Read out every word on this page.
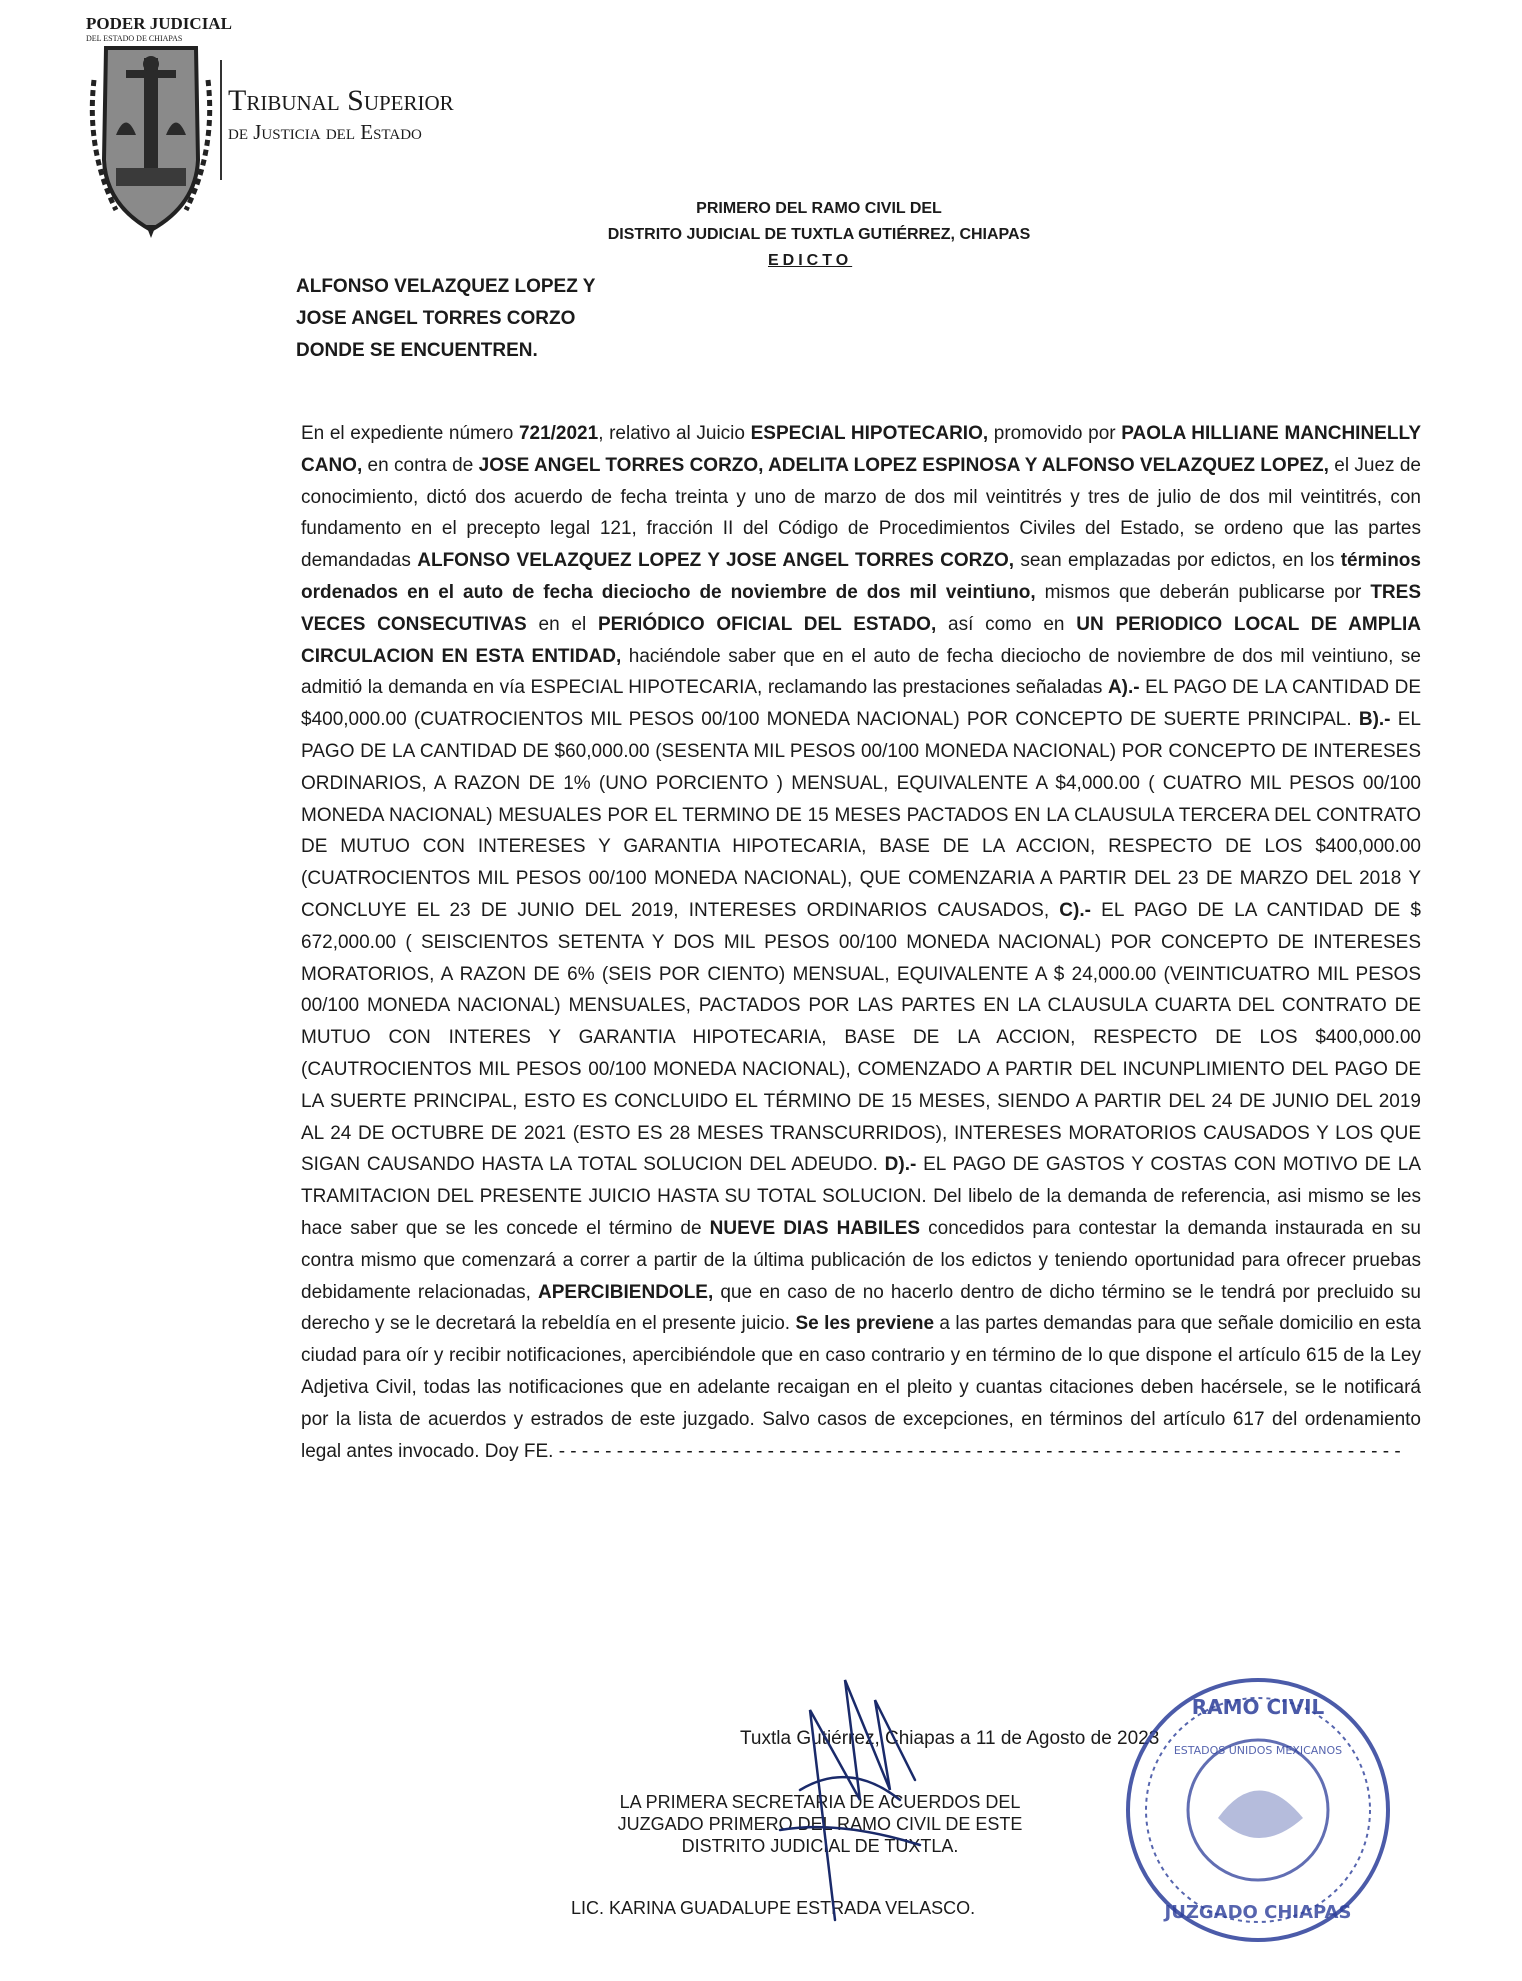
PODER JUDICIAL
DEL ESTADO DE CHIAPAS
Tribunal Superior
de Justicia del Estado
PRIMERO DEL RAMO CIVIL DEL
DISTRITO JUDICIAL DE TUXTLA GUTIÉRREZ, CHIAPAS
EDICTO
ALFONSO VELAZQUEZ LOPEZ Y
JOSE ANGEL TORRES CORZO
DONDE SE ENCUENTREN.

En el expediente número 721/2021, relativo al Juicio ESPECIAL HIPOTECARIO, promovido por PAOLA HILLIANE MANCHINELLY CANO, en contra de JOSE ANGEL TORRES CORZO, ADELITA LOPEZ ESPINOSA Y ALFONSO VELAZQUEZ LOPEZ, el Juez de conocimiento, dictó dos acuerdo de fecha treinta y uno de marzo de dos mil veintitrés y tres de julio de dos mil veintitrés, con fundamento en el precepto legal 121, fracción II del Código de Procedimientos Civiles del Estado, se ordeno que las partes demandadas ALFONSO VELAZQUEZ LOPEZ Y JOSE ANGEL TORRES CORZO, sean emplazadas por edictos, en los términos ordenados en el auto de fecha dieciocho de noviembre de dos mil veintiuno, mismos que deberán publicarse por TRES VECES CONSECUTIVAS en el PERIÓDICO OFICIAL DEL ESTADO, así como en UN PERIODICO LOCAL DE AMPLIA CIRCULACION EN ESTA ENTIDAD, haciéndole saber que en el auto de fecha dieciocho de noviembre de dos mil veintiuno, se admitió la demanda en vía ESPECIAL HIPOTECARIA, reclamando las prestaciones señaladas A).- EL PAGO DE LA CANTIDAD DE $400,000.00 (CUATROCIENTOS MIL PESOS 00/100 MONEDA NACIONAL) POR CONCEPTO DE SUERTE PRINCIPAL. B).- EL PAGO DE LA CANTIDAD DE $60,000.00 (SESENTA MIL PESOS 00/100 MONEDA NACIONAL) POR CONCEPTO DE INTERESES ORDINARIOS, A RAZON DE 1% (UNO PORCIENTO ) MENSUAL, EQUIVALENTE A $4,000.00 ( CUATRO MIL PESOS 00/100 MONEDA NACIONAL) MESUALES POR EL TERMINO DE 15 MESES PACTADOS EN LA CLAUSULA TERCERA DEL CONTRATO DE MUTUO CON INTERESES Y GARANTIA HIPOTECARIA, BASE DE LA ACCION, RESPECTO DE LOS $400,000.00 (CUATROCIENTOS MIL PESOS 00/100 MONEDA NACIONAL), QUE COMENZARIA A PARTIR DEL 23 DE MARZO DEL 2018 Y CONCLUYE EL 23 DE JUNIO DEL 2019, INTERESES ORDINARIOS CAUSADOS, C).- EL PAGO DE LA CANTIDAD DE $ 672,000.00 ( SEISCIENTOS SETENTA Y DOS MIL PESOS 00/100 MONEDA NACIONAL) POR CONCEPTO DE INTERESES MORATORIOS, A RAZON DE 6% (SEIS POR CIENTO) MENSUAL, EQUIVALENTE A $ 24,000.00 (VEINTICUATRO MIL PESOS 00/100 MONEDA NACIONAL) MENSUALES, PACTADOS POR LAS PARTES EN LA CLAUSULA CUARTA DEL CONTRATO DE MUTUO CON INTERES Y GARANTIA HIPOTECARIA, BASE DE LA ACCION, RESPECTO DE LOS $400,000.00 (CAUTROCIENTOS MIL PESOS 00/100 MONEDA NACIONAL), COMENZADO A PARTIR DEL INCUNPLIMIENTO DEL PAGO DE LA SUERTE PRINCIPAL, ESTO ES CONCLUIDO EL TÉRMINO DE 15 MESES, SIENDO A PARTIR DEL 24 DE JUNIO DEL 2019 AL 24 DE OCTUBRE DE 2021 (ESTO ES 28 MESES TRANSCURRIDOS), INTERESES MORATORIOS CAUSADOS Y LOS QUE SIGAN CAUSANDO HASTA LA TOTAL SOLUCION DEL ADEUDO. D).- EL PAGO DE GASTOS Y COSTAS CON MOTIVO DE LA TRAMITACION DEL PRESENTE JUICIO HASTA SU TOTAL SOLUCION. Del libelo de la demanda de referencia, asi mismo se les hace saber que se les concede el término de NUEVE DIAS HABILES concedidos para contestar la demanda instaurada en su contra mismo que comenzará a correr a partir de la última publicación de los edictos y teniendo oportunidad para ofrecer pruebas debidamente relacionadas, APERCIBIENDOLE, que en caso de no hacerlo dentro de dicho término se le tendrá por precluido su derecho y se le decretará la rebeldía en el presente juicio. Se les previene a las partes demandas para que señale domicilio en esta ciudad para oír y recibir notificaciones, apercibiéndole que en caso contrario y en término de lo que dispone el artículo 615 de la Ley Adjetiva Civil, todas las notificaciones que en adelante recaigan en el pleito y cuantas citaciones deben hacérsele, se le notificará por la lista de acuerdos y estrados de este juzgado. Salvo casos de excepciones, en términos del artículo 617 del ordenamiento legal antes invocado. Doy FE. - - - - - - - - - - - - - - - - - - - - - - - - - - - - - - - - - - - - - - - - - - - - - - - - - - - - - - - - - - - - - - - - - - - - - - - - -

Tuxtla Gutiérrez, Chiapas a 11 de Agosto de 2023
LA PRIMERA SECRETARIA DE ACUERDOS DEL
JUZGADO PRIMERO DEL RAMO CIVIL DE ESTE
DISTRITO JUDICIAL DE TUXTLA.
LIC. KARINA GUADALUPE ESTRADA VELASCO.
RAMO CIVIL
ESTADOS UNIDOS MEXICANOS
JUZGADO CHIAPAS
